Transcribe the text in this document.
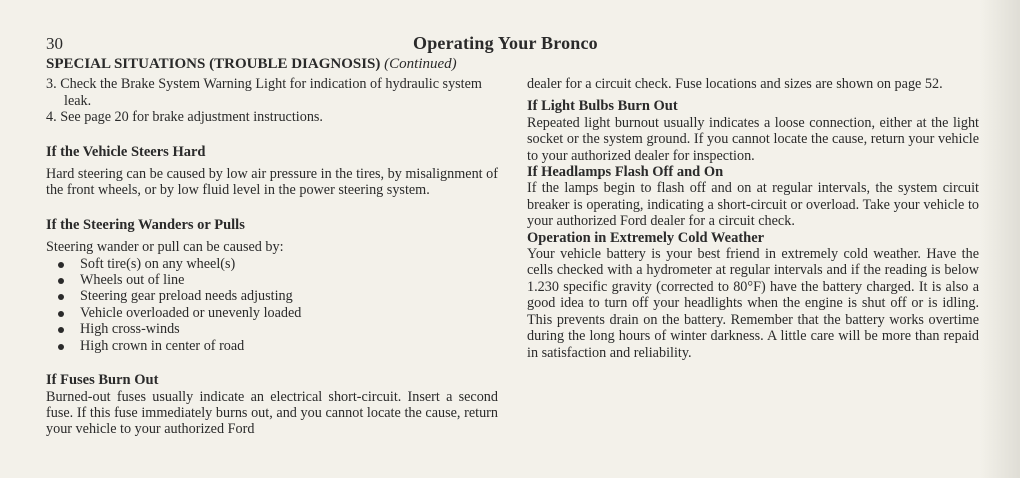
30	Operating Your Bronco
SPECIAL SITUATIONS (TROUBLE DIAGNOSIS) (Continued)

3. Check the Brake System Warning Light for indication of hydraulic system leak.

4. See page 20 for brake adjustment instructions.

If the Vehicle Steers Hard

Hard steering can be caused by low air pressure in the tires, by misalignment of the front wheels, or by low fluid level in the power steering system.

If the Steering Wanders or Pulls

Steering wander or pull can be caused by:

Soft tire(s) on any wheel(s)
Wheels out of line
Steering gear preload needs adjusting
Vehicle overloaded or unevenly loaded
High cross-winds
High crown in center of road

If Fuses Burn Out

Burned-out fuses usually indicate an electrical short-circuit. Insert a second fuse. If this fuse immediately burns out, and you cannot locate the cause, return your vehicle to your authorized Ford

dealer for a circuit check. Fuse locations and sizes are shown on page 52.

If Light Bulbs Burn Out

Repeated light burnout usually indicates a loose connection, either at the light socket or the system ground. If you cannot locate the cause, return your vehicle to your authorized dealer for inspection.

If Headlamps Flash Off and On

If the lamps begin to flash off and on at regular intervals, the system circuit breaker is operating, indicating a short-circuit or overload. Take your vehicle to your authorized Ford dealer for a circuit check.

Operation in Extremely Cold Weather

Your vehicle battery is your best friend in extremely cold weather. Have the cells checked with a hydrometer at regular intervals and if the reading is below 1.230 specific gravity (corrected to 80°F) have the battery charged. It is also a good idea to turn off your headlights when the engine is shut off or is idling. This prevents drain on the battery. Remember that the battery works overtime during the long hours of winter darkness. A little care will be more than repaid in satisfaction and reliability.
